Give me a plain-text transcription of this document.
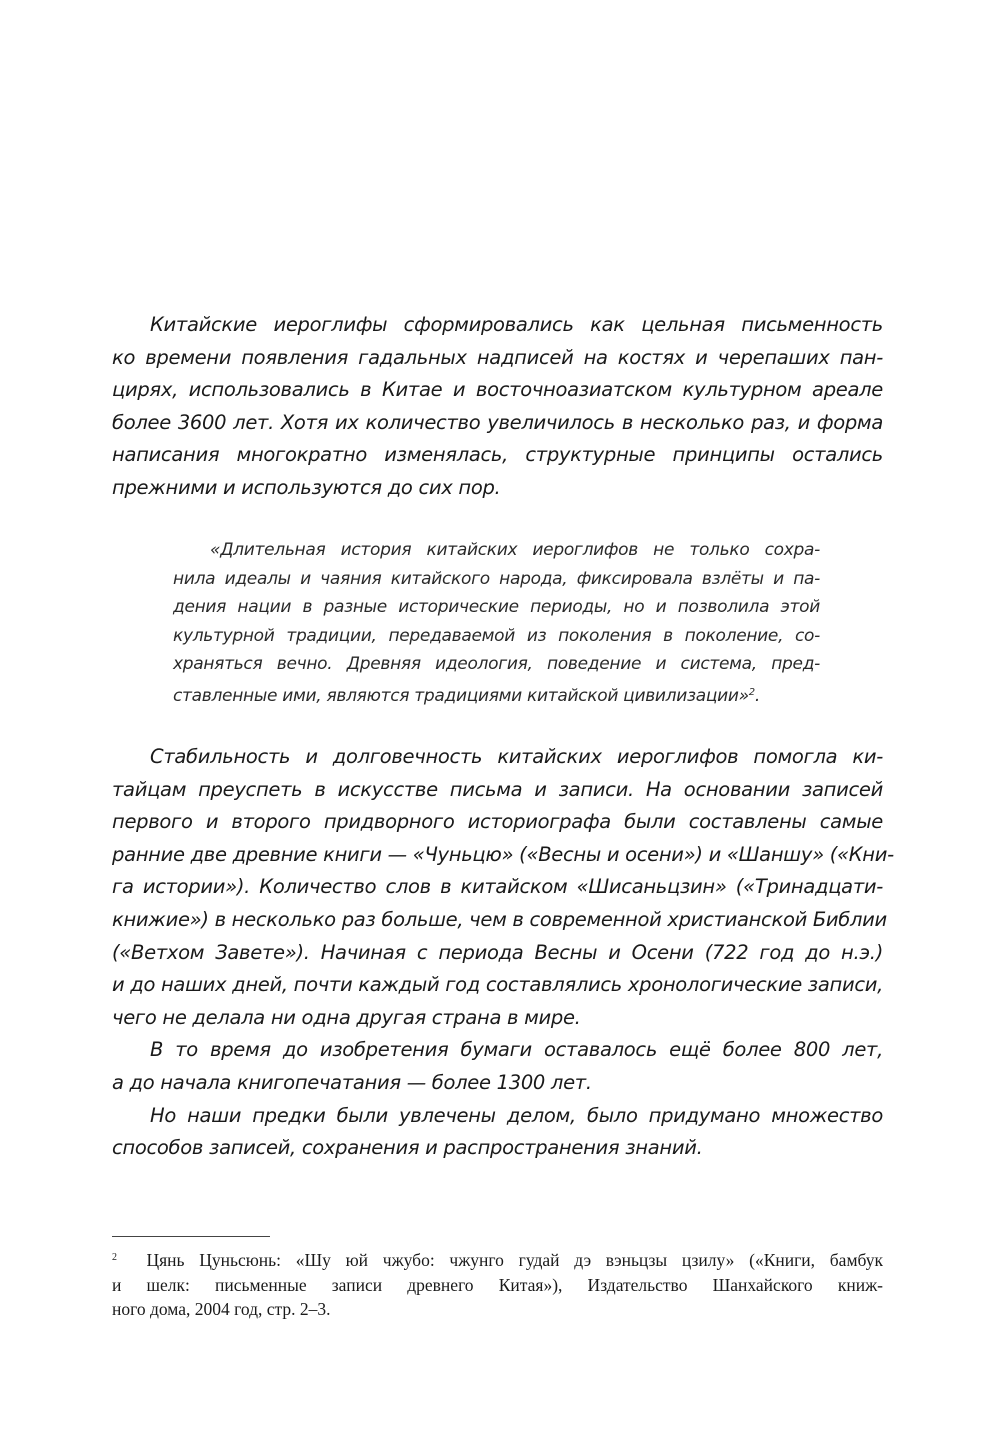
Китайские иероглифы сформировались как цельная письменность
ко времени появления гадальных надписей на костях и черепаших пан-
цирях, использовались в Китае и восточноазиатском культурном ареале
более 3600 лет. Хотя их количество увеличилось в несколько раз, и форма
написания многократно изменялась, структурные принципы остались
прежними и используются до сих пор.
«Длительная история китайских иероглифов не только сохра-
нила идеалы и чаяния китайского народа, фиксировала взлёты и па-
дения нации в разные исторические периоды, но и позволила этой
культурной традиции, передаваемой из поколения в поколение, со-
храняться вечно. Древняя идеология, поведение и система, пред-
ставленные ими, являются традициями китайской цивилизации»$^2$.
Стабильность и долговечность китайских иероглифов помогла ки-
тайцам преуспеть в искусстве письма и записи. На основании записей
первого и второго придворного историографа были составлены самые
ранние две древние книги — «Чуньцю» («Весны и осени») и «Шаншу» («Кни-
га истории»). Количество слов в китайском «Шисаньцзин» («Тринадцати-
книжие») в несколько раз больше, чем в современной христианской Библии
(«Ветхом Завете»). Начиная с периода Весны и Осени (722 год до н.э.)
и до наших дней, почти каждый год составлялись хронологические записи,
чего не делала ни одна другая страна в мире.
В то время до изобретения бумаги оставалось ещё более 800 лет,
а до начала книгопечатания — более 1300 лет.
Но наши предки были увлечены делом, было придумано множество
способов записей, сохранения и распространения знаний.
$^2$ Цянь Цуньсюнь: «Шу юй чжубо: чжунго гудай дэ вэньцзы цзилу» («Книги, бамбук
и шелк: письменные записи древнего Китая»), Издательство Шанхайского книж-
ного дома, 2004 год, стр. 2–3.
